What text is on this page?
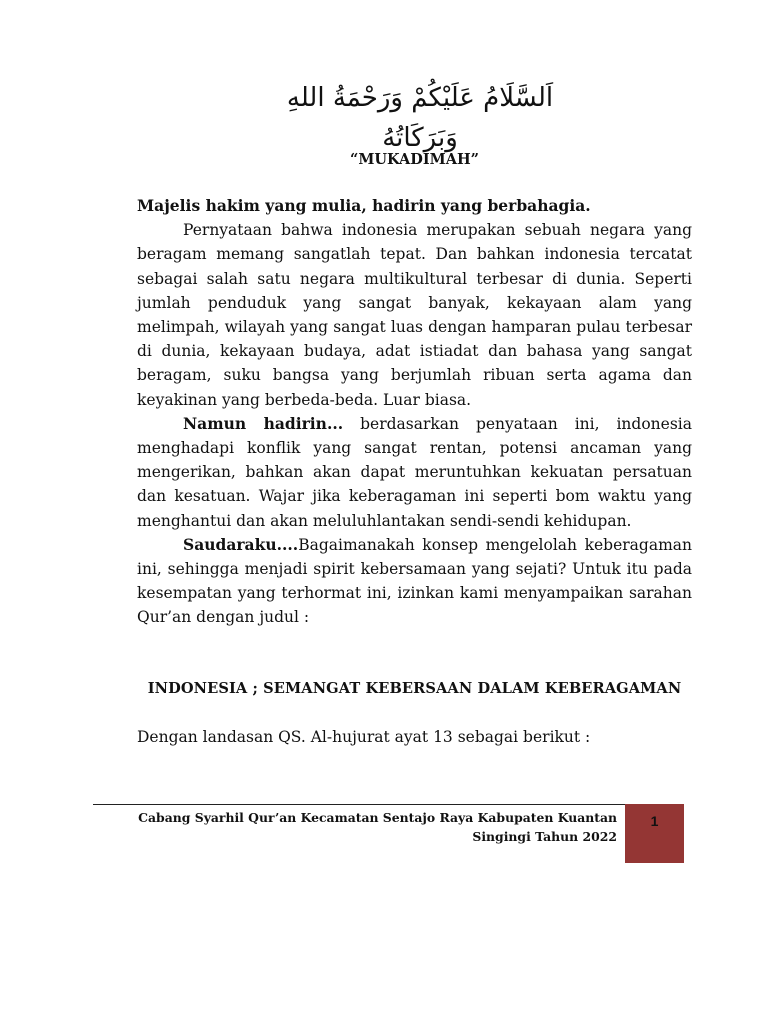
اَلسَّلَامُ عَلَيْكُمْ وَرَحْمَةُ اللهِ وَبَرَكَاتُهُ
“MUKADIMAH”

Majelis hakim yang mulia, hadirin yang berbahagia.

Pernyataan bahwa indonesia merupakan sebuah negara yang beragam memang sangatlah tepat. Dan bahkan indonesia tercatat sebagai salah satu negara multikultural terbesar di dunia. Seperti jumlah penduduk yang sangat banyak, kekayaan alam yang melimpah, wilayah yang sangat luas dengan hamparan pulau terbesar di dunia, kekayaan budaya, adat istiadat dan bahasa yang sangat beragam, suku bangsa yang berjumlah ribuan serta agama dan keyakinan yang berbeda-beda. Luar biasa.

Namun hadirin... berdasarkan penyataan ini, indonesia menghadapi konflik yang sangat rentan, potensi ancaman yang mengerikan, bahkan akan dapat meruntuhkan kekuatan persatuan dan kesatuan. Wajar jika keberagaman ini seperti bom waktu yang menghantui dan akan meluluhlantakan sendi-sendi kehidupan.

Saudaraku....Bagaimanakah konsep mengelolah keberagaman ini, sehingga menjadi spirit kebersamaan yang sejati? Untuk itu pada kesempatan yang terhormat ini, izinkan kami menyampaikan sarahan Qur’an dengan judul :

INDONESIA ; SEMANGAT KEBERSAAN DALAM KEBERAGAMAN
Dengan landasan QS. Al-hujurat ayat 13 sebagai berikut :
Cabang Syarhil Qur’an Kecamatan Sentajo Raya Kabupaten Kuantan
Singingi Tahun 2022
1
